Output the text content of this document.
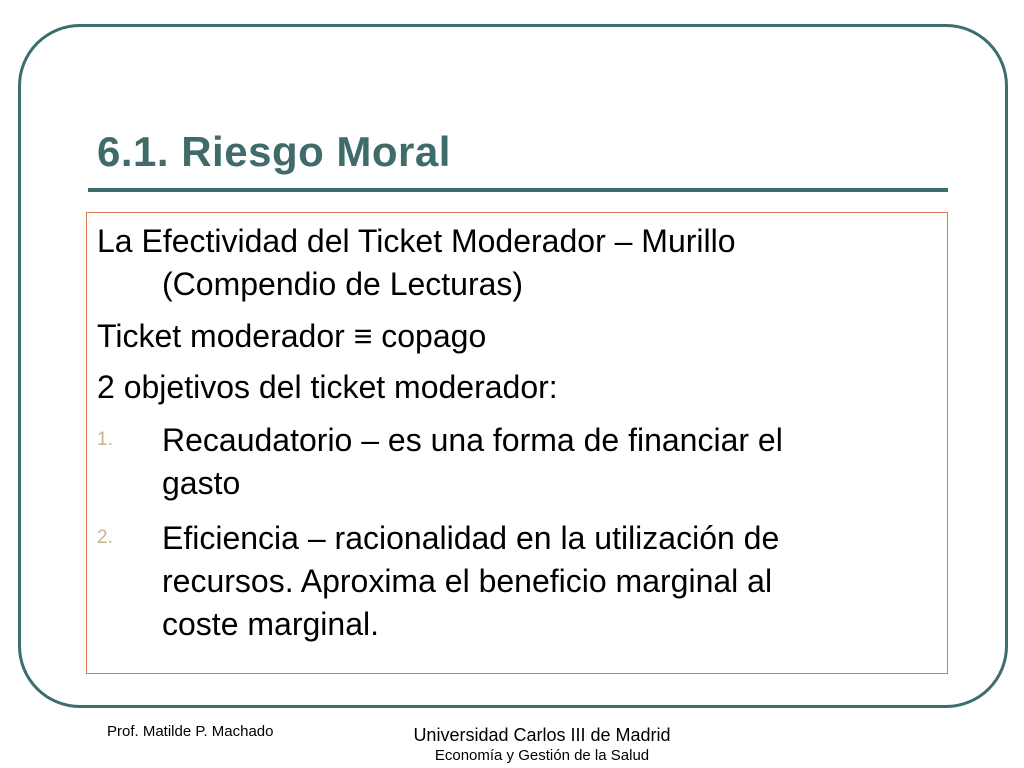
6.1. Riesgo Moral
La Efectividad del Ticket Moderador – Murillo
(Compendio de Lecturas)
Ticket moderador ≡ copago
2 objetivos del ticket moderador:
1. Recaudatorio – es una forma de financiar el
gasto
2. Eficiencia – racionalidad en la utilización de
recursos. Aproxima el beneficio marginal al
coste marginal.
Prof. Matilde P. Machado	Universidad Carlos III de Madrid
Economía y Gestión de la Salud
